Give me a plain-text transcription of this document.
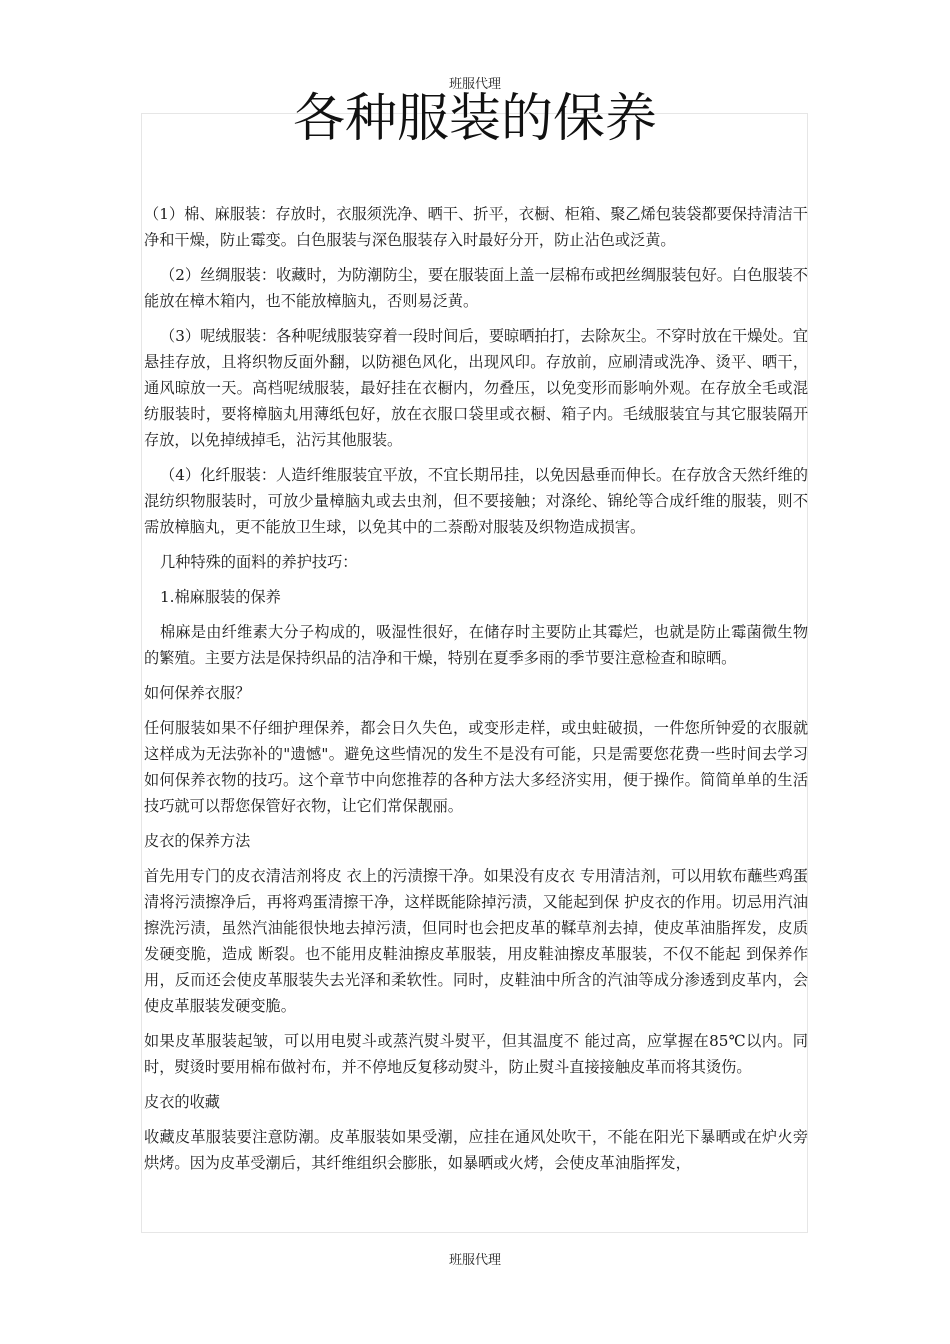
班服代理
各种服装的保养

（1）棉、麻服装：存放时，衣服须洗净、晒干、折平，衣橱、柜箱、聚乙烯包装袋都要保持清洁干净和干燥，防止霉变。白色服装与深色服装存入时最好分开，防止沾色或泛黄。

（2）丝绸服装：收藏时，为防潮防尘，要在服装面上盖一层棉布或把丝绸服装包好。白色服装不能放在樟木箱内，也不能放樟脑丸，否则易泛黄。

（3）呢绒服装：各种呢绒服装穿着一段时间后，要晾晒拍打，去除灰尘。不穿时放在干燥处。宜悬挂存放，且将织物反面外翻，以防褪色风化，出现风印。存放前，应刷清或洗净、烫平、晒干，通风晾放一天。高档呢绒服装，最好挂在衣橱内，勿叠压，以免变形而影响外观。在存放全毛或混纺服装时，要将樟脑丸用薄纸包好，放在衣服口袋里或衣橱、箱子内。毛绒服装宜与其它服装隔开存放，以免掉绒掉毛，沾污其他服装。

（4）化纤服装：人造纤维服装宜平放，不宜长期吊挂，以免因悬垂而伸长。在存放含天然纤维的混纺织物服装时，可放少量樟脑丸或去虫剂，但不要接触；对涤纶、锦纶等合成纤维的服装，则不需放樟脑丸，更不能放卫生球，以免其中的二萘酚对服装及织物造成损害。

几种特殊的面料的养护技巧：

1.棉麻服装的保养

棉麻是由纤维素大分子构成的，吸湿性很好，在储存时主要防止其霉烂，也就是防止霉菌微生物的繁殖。主要方法是保持织品的洁净和干燥，特别在夏季多雨的季节要注意检查和晾晒。

如何保养衣服？

任何服装如果不仔细护理保养，都会日久失色，或变形走样，或虫蛀破损，一件您所钟爱的衣服就这样成为无法弥补的"遗憾"。避免这些情况的发生不是没有可能，只是需要您花费一些时间去学习如何保养衣物的技巧。这个章节中向您推荐的各种方法大多经济实用，便于操作。简简单单的生活技巧就可以帮您保管好衣物，让它们常保靓丽。

皮衣的保养方法

首先用专门的皮衣清洁剂将皮 衣上的污渍擦干净。如果没有皮衣 专用清洁剂，可以用软布蘸些鸡蛋清将污渍擦净后，再将鸡蛋清擦干净，这样既能除掉污渍，又能起到保 护皮衣的作用。切忌用汽油擦洗污渍，虽然汽油能很快地去掉污渍，但同时也会把皮革的鞣草剂去掉，使皮革油脂挥发，皮质发硬变脆，造成 断裂。也不能用皮鞋油擦皮革服装，用皮鞋油擦皮革服装，不仅不能起 到保养作用，反而还会使皮革服装失去光泽和柔软性。同时，皮鞋油中所含的汽油等成分渗透到皮革内，会使皮革服装发硬变脆。

如果皮革服装起皱，可以用电熨斗或蒸汽熨斗熨平，但其温度不 能过高，应掌握在85℃以内。同时，熨烫时要用棉布做衬布，并不停地反复移动熨斗，防止熨斗直接接触皮革而将其烫伤。

皮衣的收藏

收藏皮革服装要注意防潮。皮革服装如果受潮，应挂在通风处吹干，不能在阳光下暴晒或在炉火旁 烘烤。因为皮革受潮后，其纤维组织会膨胀，如暴晒或火烤，会使皮革油脂挥发，

班服代理
